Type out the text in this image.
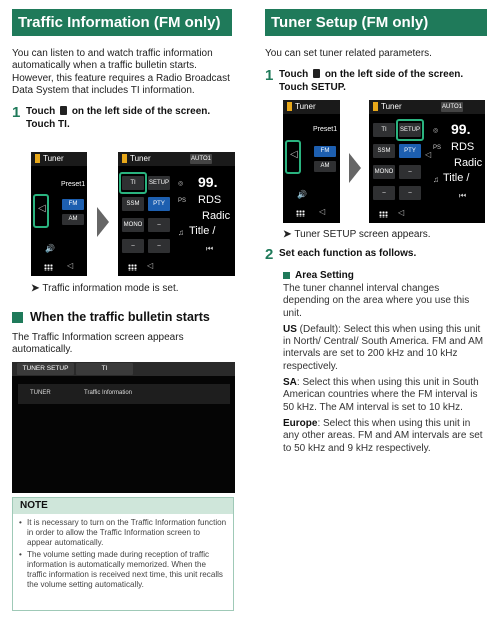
Traffic Information (FM only)

You can listen to and watch traffic information automatically when a traffic bulletin starts. However, this feature requires a Radio Broadcast Data System that includes TI information.

1 Touch on the left side of the screen.
Touch TI.
Tuner
Preset1
FM
AM
◁
🔊
◁
Tuner	AUTO1
TI	SETUP
SSM	PTY
MONO	–
–	–
◎ 99.
PS RDS
Radic
♫ Title /
⏮
◁
➤ Traffic information mode is set.
When the traffic bulletin starts

The Traffic Information screen appears automatically.

TUNER SETUP	TI
TUNER	Traffic Information
NOTE
• It is necessary to turn on the Traffic Information function in order to allow the Traffic Information screen to appear automatically.
• The volume setting made during reception of traffic information is automatically memorized. When the traffic information is received next time, this unit recalls the volume setting automatically.
Tuner Setup (FM only)

You can set tuner related parameters.

1 Touch on the left side of the screen.
Touch SETUP.
Tuner
Preset1
FM
AM
◁
🔊
◁
Tuner	AUTO1
TI	SETUP
SSM	PTY
MONO	–
–	–
◁
◎ 99.
PS RDS
Radic
♫ Title /
⏮
◁
➤ Tuner SETUP screen appears.
2 Set each function as follows.
Area Setting

The tuner channel interval changes depending on the area where you use this unit.

US (Default): Select this when using this unit in North/ Central/ South America. FM and AM intervals are set to 200 kHz and 10 kHz respectively.

SA: Select this when using this unit in South American countries where the FM interval is 50 kHz. The AM interval is set to 10 kHz.

Europe: Select this when using this unit in any other areas. FM and AM intervals are set to 50 kHz and 9 kHz respectively.
